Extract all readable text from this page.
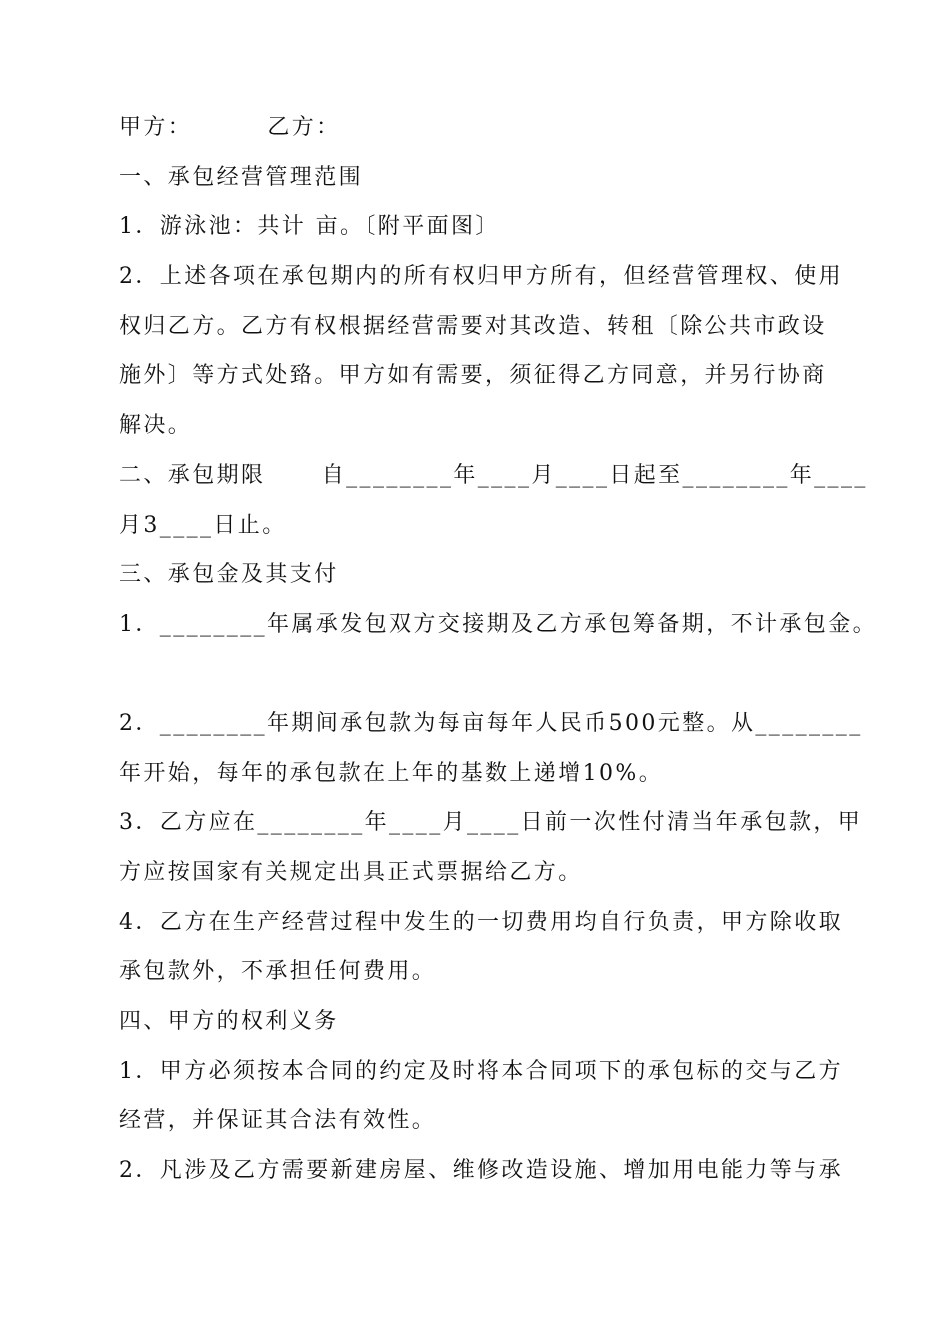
甲方：        乙方：

一、承包经营管理范围

1．游泳池：共计 亩。〔附平面图〕

2．上述各项在承包期内的所有权归甲方所有，但经营管理权、使用

权归乙方。乙方有权根据经营需要对其改造、转租〔除公共市政设

施外〕等方式处臵。甲方如有需要，须征得乙方同意，并另行协商

解决。

二、承包期限      自________年____月____日起至________年____

月3____日止。

三、承包金及其支付

1．________年属承发包双方交接期及乙方承包筹备期，不计承包金。

2．________年期间承包款为每亩每年人民币500元整。从________

年开始，每年的承包款在上年的基数上递增10%。

3．乙方应在________年____月____日前一次性付清当年承包款，甲

方应按国家有关规定出具正式票据给乙方。

4．乙方在生产经营过程中发生的一切费用均自行负责，甲方除收取

承包款外，不承担任何费用。

四、甲方的权利义务

1．甲方必须按本合同的约定及时将本合同项下的承包标的交与乙方

经营，并保证其合法有效性。

2．凡涉及乙方需要新建房屋、维修改造设施、增加用电能力等与承
